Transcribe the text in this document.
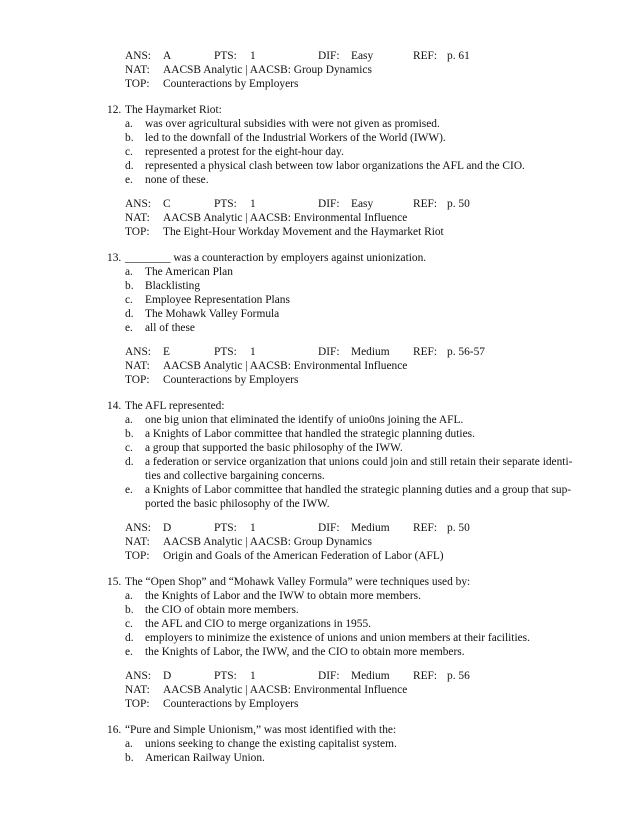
ANS: A	PTS: 1	DIF: Easy	REF: p. 61
NAT: AACSB Analytic | AACSB: Group Dynamics
TOP: Counteractions by Employers
12. The Haymarket Riot:
a. was over agricultural subsidies with were not given as promised.
b. led to the downfall of the Industrial Workers of the World (IWW).
c. represented a protest for the eight-hour day.
d. represented a physical clash between tow labor organizations the AFL and the CIO.
e. none of these.
ANS: C	PTS: 1	DIF: Easy	REF: p. 50
NAT: AACSB Analytic | AACSB: Environmental Influence
TOP: The Eight-Hour Workday Movement and the Haymarket Riot
13. ________ was a counteraction by employers against unionization.
a. The American Plan
b. Blacklisting
c. Employee Representation Plans
d. The Mohawk Valley Formula
e. all of these
ANS: E	PTS: 1	DIF: Medium REF: p. 56-57
NAT: AACSB Analytic | AACSB: Environmental Influence
TOP: Counteractions by Employers
14. The AFL represented:
a. one big union that eliminated the identify of unio0ns joining the AFL.
b. a Knights of Labor committee that handled the strategic planning duties.
c. a group that supported the basic philosophy of the IWW.
d. a federation or service organization that unions could join and still retain their separate identi-
ties and collective bargaining concerns.
e. a Knights of Labor committee that handled the strategic planning duties and a group that sup-
ported the basic philosophy of the IWW.
ANS: D	PTS: 1	DIF: Medium REF: p. 50
NAT: AACSB Analytic | AACSB: Group Dynamics
TOP: Origin and Goals of the American Federation of Labor (AFL)
15. The “Open Shop” and “Mohawk Valley Formula” were techniques used by:
a. the Knights of Labor and the IWW to obtain more members.
b. the CIO of obtain more members.
c. the AFL and CIO to merge organizations in 1955.
d. employers to minimize the existence of unions and union members at their facilities.
e. the Knights of Labor, the IWW, and the CIO to obtain more members.
ANS: D	PTS: 1	DIF: Medium REF: p. 56
NAT: AACSB Analytic | AACSB: Environmental Influence
TOP: Counteractions by Employers
16. “Pure and Simple Unionism,” was most identified with the:
a. unions seeking to change the existing capitalist system.
b. American Railway Union.
